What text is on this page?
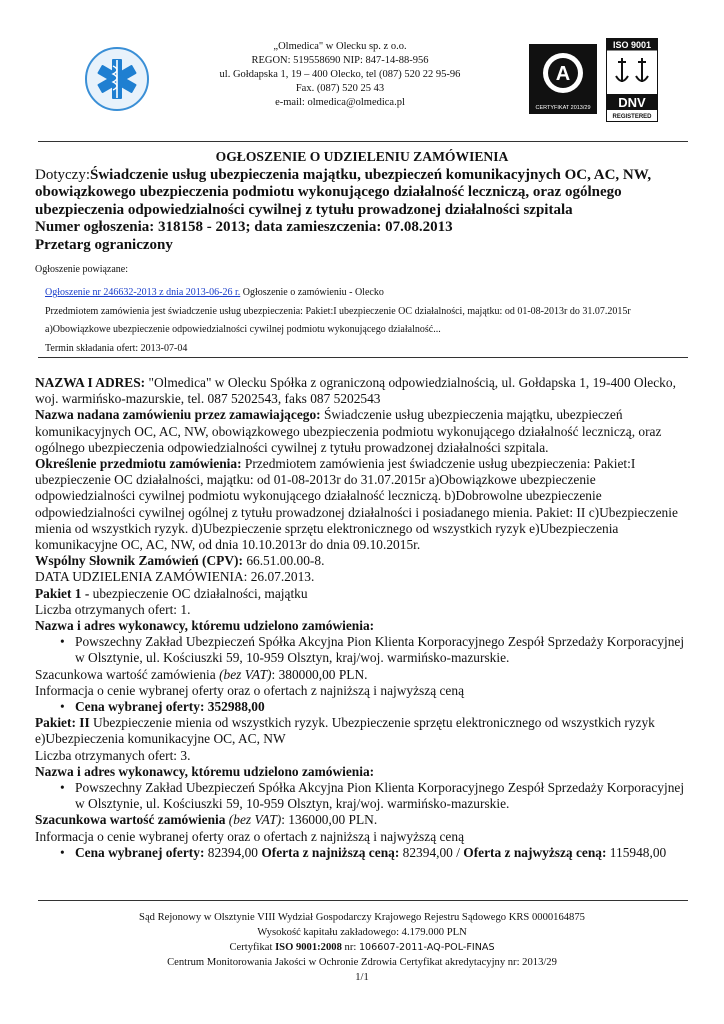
„Olmedica" w Olecku sp. z o.o.
REGON: 519558690 NIP: 847-14-88-956
ul. Gołdapska 1, 19 – 400 Olecko, tel (087) 520 22 95-96
Fax. (087) 520 25 43
e-mail: olmedica@olmedica.pl
A
CERTYFIKAT 2013/29
ISO 9001
DNV
REGISTERED
OGŁOSZENIE O UDZIELENIU ZAMÓWIENIA
Dotyczy:Świadczenie usług ubezpieczenia majątku, ubezpieczeń komunikacyjnych OC, AC, NW, obowiązkowego ubezpieczenia podmiotu wykonującego działalność leczniczą, oraz ogólnego ubezpieczenia odpowiedzialności cywilnej z tytułu prowadzonej działalności szpitala
Numer ogłoszenia: 318158 - 2013; data zamieszczenia: 07.08.2013
Przetarg ograniczony
Ogłoszenie powiązane:
Ogłoszenie nr 246632-2013 z dnia 2013-06-26 r. Ogłoszenie o zamówieniu - Olecko
Przedmiotem zamówienia jest świadczenie usług ubezpieczenia: Pakiet:I ubezpieczenie OC działalności, majątku: od 01-08-2013r do 31.07.2015r
a)Obowiązkowe ubezpieczenie odpowiedzialności cywilnej podmiotu wykonującego działalność...
Termin składania ofert: 2013-07-04

NAZWA I ADRES: "Olmedica" w Olecku Spółka z ograniczoną odpowiedzialnością, ul. Gołdapska 1, 19-400 Olecko, woj. warmińsko-mazurskie, tel. 087 5202543, faks 087 5202543

Nazwa nadana zamówieniu przez zamawiającego: Świadczenie usług ubezpieczenia majątku, ubezpieczeń komunikacyjnych OC, AC, NW, obowiązkowego ubezpieczenia podmiotu wykonującego działalność leczniczą, oraz ogólnego ubezpieczenia odpowiedzialności cywilnej z tytułu prowadzonej działalności szpitala.

Określenie przedmiotu zamówienia: Przedmiotem zamówienia jest świadczenie usług ubezpieczenia: Pakiet:I ubezpieczenie OC działalności, majątku: od 01-08-2013r do 31.07.2015r a)Obowiązkowe ubezpieczenie odpowiedzialności cywilnej podmiotu wykonującego działalność leczniczą. b)Dobrowolne ubezpieczenie odpowiedzialności cywilnej ogólnej z tytułu prowadzonej działalności i posiadanego mienia. Pakiet: II c)Ubezpieczenie mienia od wszystkich ryzyk. d)Ubezpieczenie sprzętu elektronicznego od wszystkich ryzyk e)Ubezpieczenia komunikacyjne OC, AC, NW, od dnia 10.10.2013r do dnia 09.10.2015r.

Wspólny Słownik Zamówień (CPV): 66.51.00.00-8.

DATA UDZIELENIA ZAMÓWIENIA: 26.07.2013.

Pakiet 1 - ubezpieczenie OC działalności, majątku

Liczba otrzymanych ofert: 1.

Nazwa i adres wykonawcy, któremu udzielono zamówienia:

• Powszechny Zakład Ubezpieczeń Spółka Akcyjna Pion Klienta Korporacyjnego Zespół Sprzedaży Korporacyjnej w Olsztynie, ul. Kościuszki 59, 10-959 Olsztyn, kraj/woj. warmińsko-mazurskie.

Szacunkowa wartość zamówienia (bez VAT): 380000,00 PLN.

Informacja o cenie wybranej oferty oraz o ofertach z najniższą i najwyższą ceną

• Cena wybranej oferty: 352988,00

Pakiet: II Ubezpieczenie mienia od wszystkich ryzyk. Ubezpieczenie sprzętu elektronicznego od wszystkich ryzyk e)Ubezpieczenia komunikacyjne OC, AC, NW

Liczba otrzymanych ofert: 3.

Nazwa i adres wykonawcy, któremu udzielono zamówienia:

• Powszechny Zakład Ubezpieczeń Spółka Akcyjna Pion Klienta Korporacyjnego Zespół Sprzedaży Korporacyjnej w Olsztynie, ul. Kościuszki 59, 10-959 Olsztyn, kraj/woj. warmińsko-mazurskie.

Szacunkowa wartość zamówienia (bez VAT): 136000,00 PLN.

Informacja o cenie wybranej oferty oraz o ofertach z najniższą i najwyższą ceną

• Cena wybranej oferty: 82394,00 Oferta z najniższą ceną: 82394,00 / Oferta z najwyższą ceną: 115948,00
Sąd Rejonowy w Olsztynie VIII Wydział Gospodarczy Krajowego Rejestru Sądowego KRS 0000164875
Wysokość kapitału zakładowego: 4.179.000 PLN
Certyfikat ISO 9001:2008 nr: 106607-2011-AQ-POL-FINAS
Centrum Monitorowania Jakości w Ochronie Zdrowia Certyfikat akredytacyjny nr: 2013/29
1/1
